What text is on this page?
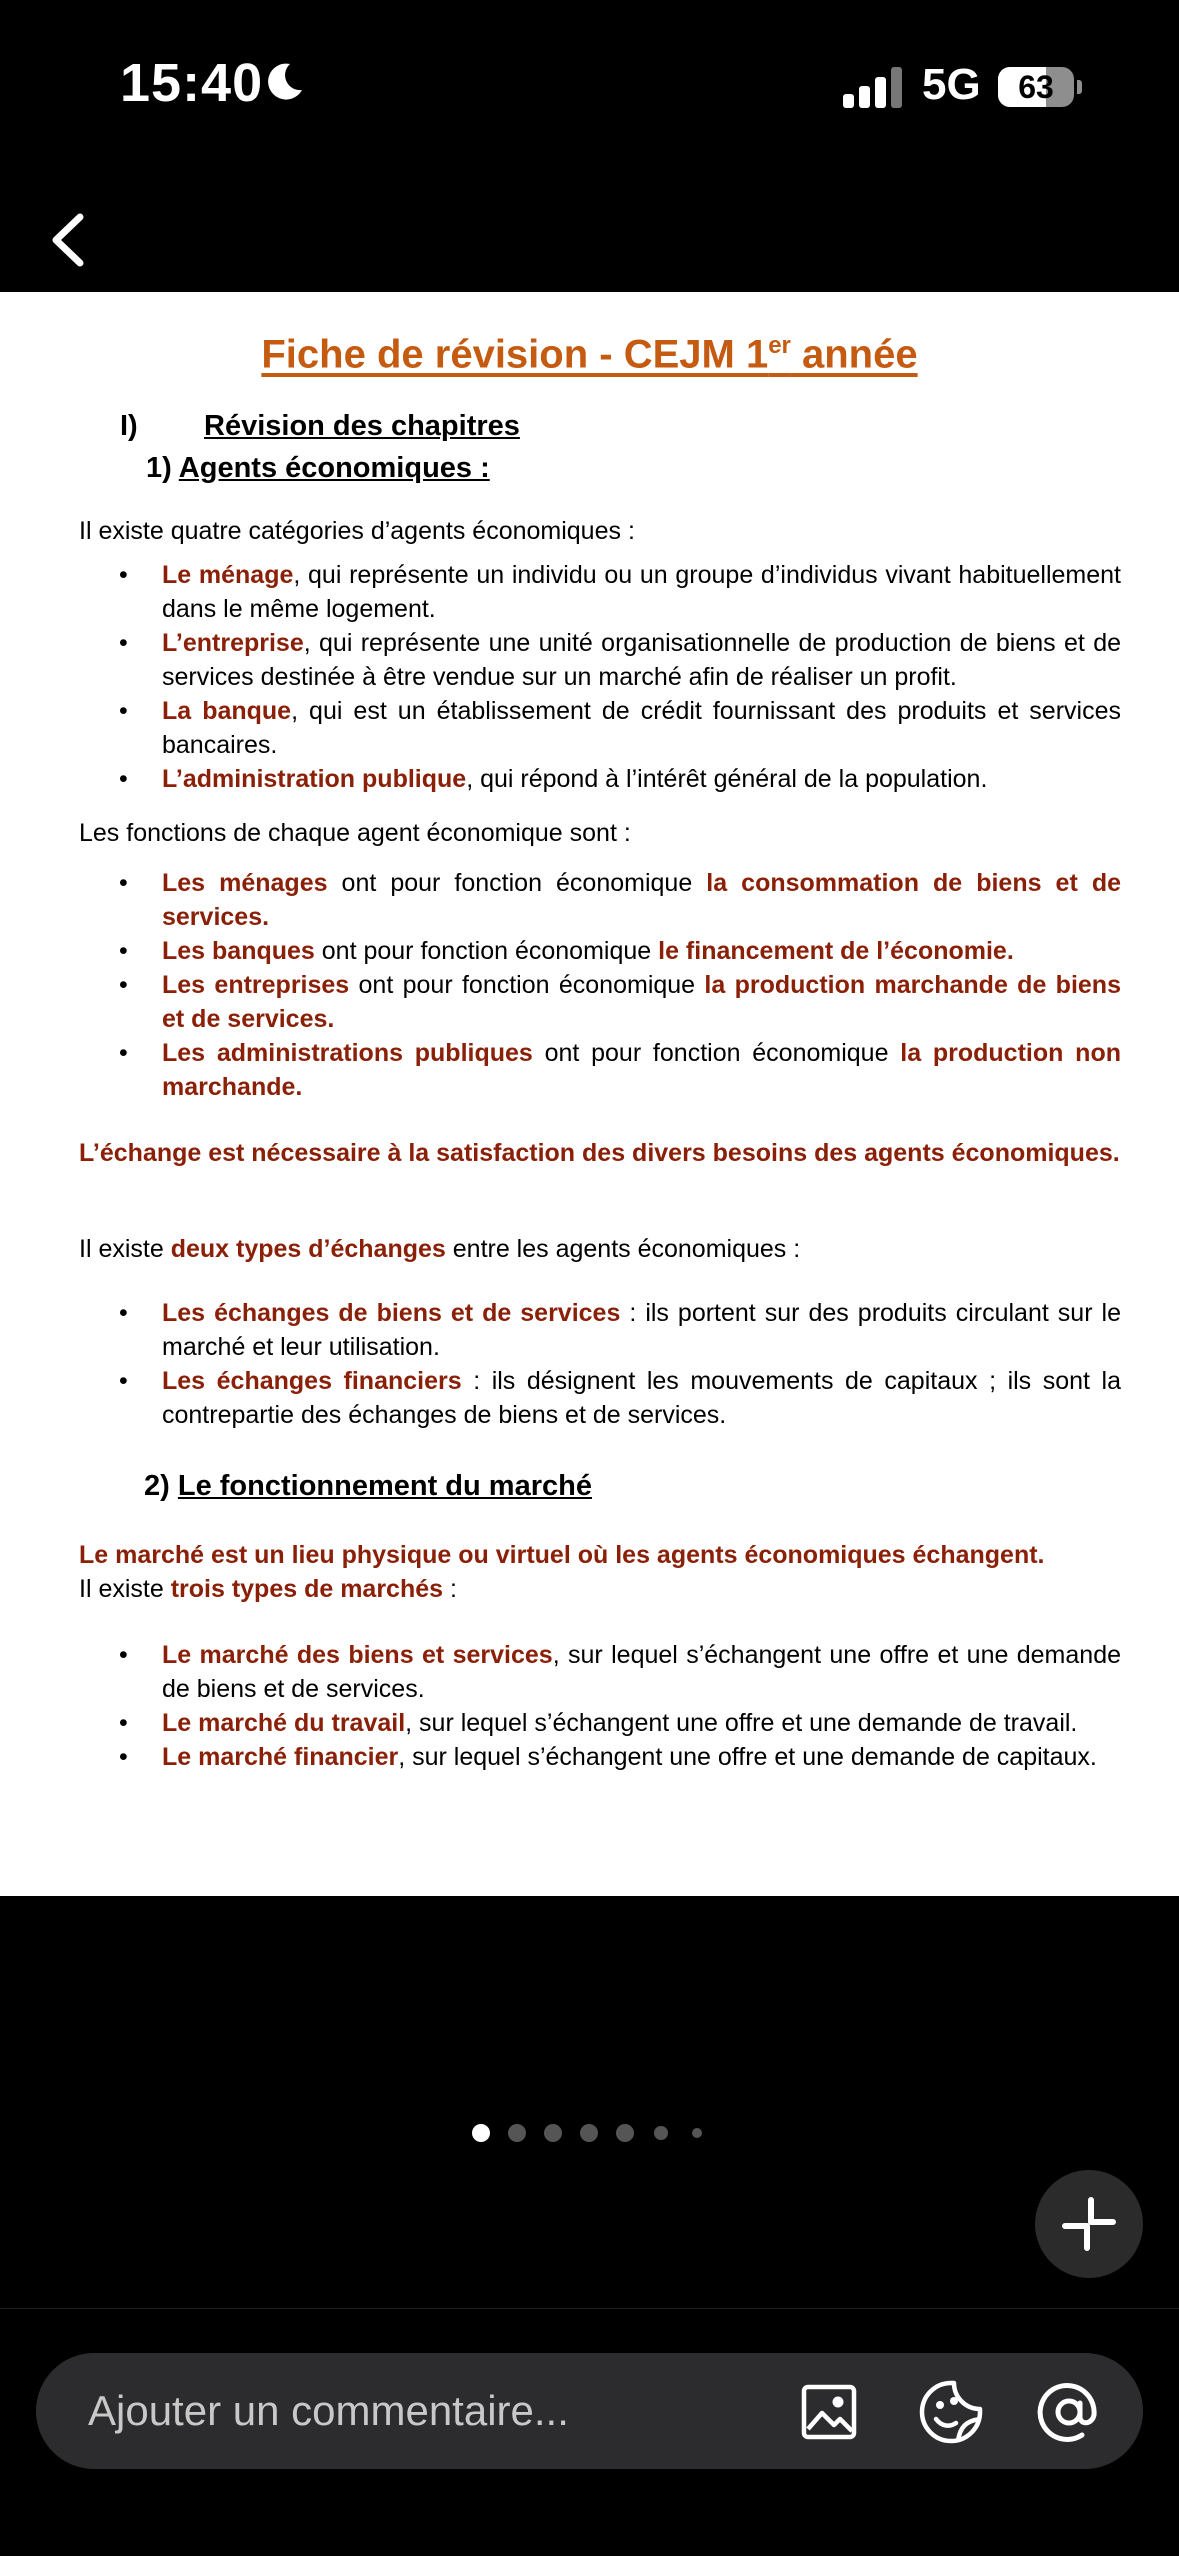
15:40	5G	63
Fiche de révision - CEJM 1er année
I) Révision des chapitres
1) Agents économiques :
Il existe quatre catégories d’agents économiques :
• Le ménage, qui représente un individu ou un groupe d’individus vivant habituellement dans le même logement.
• L’entreprise, qui représente une unité organisationnelle de production de biens et de services destinée à être vendue sur un marché afin de réaliser un profit.
• La banque, qui est un établissement de crédit fournissant des produits et services bancaires.
• L’administration publique, qui répond à l’intérêt général de la population.
Les fonctions de chaque agent économique sont :
• Les ménages ont pour fonction économique la consommation de biens et de services.
• Les banques ont pour fonction économique le financement de l’économie.
• Les entreprises ont pour fonction économique la production marchande de biens et de services.
• Les administrations publiques ont pour fonction économique la production non marchande.
L’échange est nécessaire à la satisfaction des divers besoins des agents économiques.
Il existe deux types d’échanges entre les agents économiques :
• Les échanges de biens et de services : ils portent sur des produits circulant sur le marché et leur utilisation.
• Les échanges financiers : ils désignent les mouvements de capitaux ; ils sont la contrepartie des échanges de biens et de services.
2) Le fonctionnement du marché
Le marché est un lieu physique ou virtuel où les agents économiques échangent.
Il existe trois types de marchés :
• Le marché des biens et services, sur lequel s’échangent une offre et une demande de biens et de services.
• Le marché du travail, sur lequel s’échangent une offre et une demande de travail.
• Le marché financier, sur lequel s’échangent une offre et une demande de capitaux.
Ajouter un commentaire...
